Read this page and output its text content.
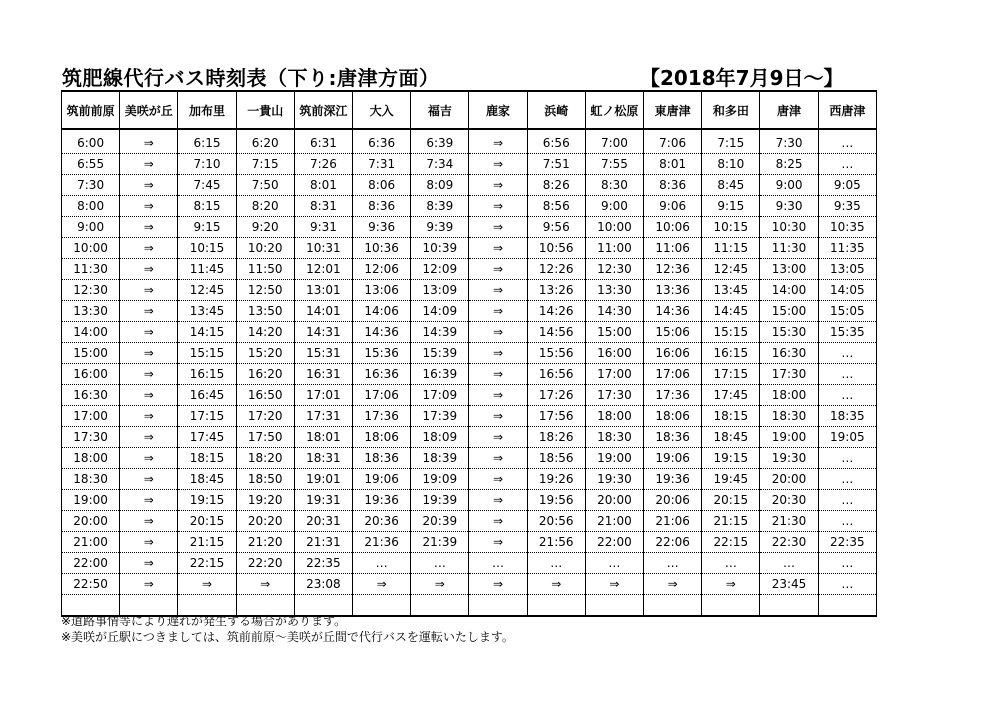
筑肥線代行バス時刻表（下り:唐津方面）	【2018年7月9日～】
筑前前原	美咲が丘	加布里	一貴山	筑前深江	大入	福吉	鹿家	浜崎	虹ノ松原	東唐津	和多田	唐津	西唐津
6:00	⇒	6:15	6:20	6:31	6:36	6:39	⇒	6:56	7:00	7:06	7:15	7:30	…
6:55	⇒	7:10	7:15	7:26	7:31	7:34	⇒	7:51	7:55	8:01	8:10	8:25	…
7:30	⇒	7:45	7:50	8:01	8:06	8:09	⇒	8:26	8:30	8:36	8:45	9:00	9:05
8:00	⇒	8:15	8:20	8:31	8:36	8:39	⇒	8:56	9:00	9:06	9:15	9:30	9:35
9:00	⇒	9:15	9:20	9:31	9:36	9:39	⇒	9:56	10:00	10:06	10:15	10:30	10:35
10:00	⇒	10:15	10:20	10:31	10:36	10:39	⇒	10:56	11:00	11:06	11:15	11:30	11:35
11:30	⇒	11:45	11:50	12:01	12:06	12:09	⇒	12:26	12:30	12:36	12:45	13:00	13:05
12:30	⇒	12:45	12:50	13:01	13:06	13:09	⇒	13:26	13:30	13:36	13:45	14:00	14:05
13:30	⇒	13:45	13:50	14:01	14:06	14:09	⇒	14:26	14:30	14:36	14:45	15:00	15:05
14:00	⇒	14:15	14:20	14:31	14:36	14:39	⇒	14:56	15:00	15:06	15:15	15:30	15:35
15:00	⇒	15:15	15:20	15:31	15:36	15:39	⇒	15:56	16:00	16:06	16:15	16:30	…
16:00	⇒	16:15	16:20	16:31	16:36	16:39	⇒	16:56	17:00	17:06	17:15	17:30	…
16:30	⇒	16:45	16:50	17:01	17:06	17:09	⇒	17:26	17:30	17:36	17:45	18:00	…
17:00	⇒	17:15	17:20	17:31	17:36	17:39	⇒	17:56	18:00	18:06	18:15	18:30	18:35
17:30	⇒	17:45	17:50	18:01	18:06	18:09	⇒	18:26	18:30	18:36	18:45	19:00	19:05
18:00	⇒	18:15	18:20	18:31	18:36	18:39	⇒	18:56	19:00	19:06	19:15	19:30	…
18:30	⇒	18:45	18:50	19:01	19:06	19:09	⇒	19:26	19:30	19:36	19:45	20:00	…
19:00	⇒	19:15	19:20	19:31	19:36	19:39	⇒	19:56	20:00	20:06	20:15	20:30	…
20:00	⇒	20:15	20:20	20:31	20:36	20:39	⇒	20:56	21:00	21:06	21:15	21:30	…
21:00	⇒	21:15	21:20	21:31	21:36	21:39	⇒	21:56	22:00	22:06	22:15	22:30	22:35
22:00	⇒	22:15	22:20	22:35	…	…	…	…	…	…	…	…	…
22:50	⇒	⇒	⇒	23:08	⇒	⇒	⇒	⇒	⇒	⇒	⇒	23:45	…

※道路事情等により遅れが発生する場合があります。
※美咲が丘駅につきましては、筑前前原～美咲が丘間で代行バスを運転いたします。
